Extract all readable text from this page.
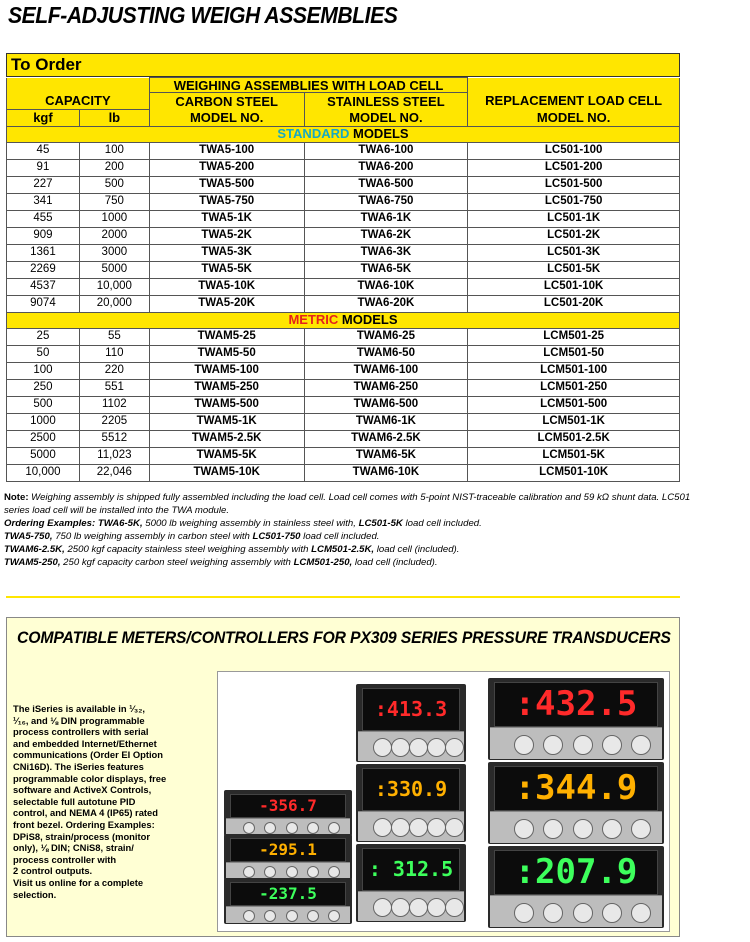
SELF-ADJUSTING WEIGH ASSEMBLIES
To Order
		WEIGHING ASSEMBLIES WITH LOAD CELL		
CAPACITY		CARBON STEEL	STAINLESS STEEL	REPLACEMENT LOAD CELL
kgf	lb	MODEL NO.	MODEL NO.	MODEL NO.
STANDARD MODELS				
45	100	TWA5-100	TWA6-100	LC501-100
91	200	TWA5-200	TWA6-200	LC501-200
227	500	TWA5-500	TWA6-500	LC501-500
341	750	TWA5-750	TWA6-750	LC501-750
455	1000	TWA5-1K	TWA6-1K	LC501-1K
909	2000	TWA5-2K	TWA6-2K	LC501-2K
1361	3000	TWA5-3K	TWA6-3K	LC501-3K
2269	5000	TWA5-5K	TWA6-5K	LC501-5K
4537	10,000	TWA5-10K	TWA6-10K	LC501-10K
9074	20,000	TWA5-20K	TWA6-20K	LC501-20K
METRIC MODELS				
25	55	TWAM5-25	TWAM6-25	LCM501-25
50	110	TWAM5-50	TWAM6-50	LCM501-50
100	220	TWAM5-100	TWAM6-100	LCM501-100
250	551	TWAM5-250	TWAM6-250	LCM501-250
500	1102	TWAM5-500	TWAM6-500	LCM501-500
1000	2205	TWAM5-1K	TWAM6-1K	LCM501-1K
2500	5512	TWAM5-2.5K	TWAM6-2.5K	LCM501-2.5K
5000	11,023	TWAM5-5K	TWAM6-5K	LCM501-5K
10,000	22,046	TWAM5-10K	TWAM6-10K	LCM501-10K
Note: Weighing assembly is shipped fully assembled including the load cell. Load cell comes with 5-point NIST-traceable calibration and 59 kΩ shunt data. LC501 series load cell will be installed into the TWA module.
Ordering Examples: TWA6-5K, 5000 lb weighing assembly in stainless steel with, LC501-5K load cell included.
TWA5-750, 750 lb weighing assembly in carbon steel with LC501-750 load cell included.
TWAM6-2.5K, 2500 kgf capacity stainless steel weighing assembly with LCM501-2.5K, load cell (included).
TWAM5-250, 250 kgf capacity carbon steel weighing assembly with LCM501-250, load cell (included).
COMPATIBLE METERS/CONTROLLERS FOR PX309 SERIES PRESSURE TRANSDUCERS
The iSeries is available in ¹⁄₃₂,
¹⁄₁₆, and ⅛ DIN programmable
process controllers with serial
and embedded Internet/Ethernet
communications (Order EI Option
CNi16D). The iSeries features
programmable color displays, free
software and ActiveX Controls,
selectable full autotune PID
control, and NEMA 4 (IP65) rated
front bezel. Ordering Examples:
DPiS8, strain/process (monitor
only), ⅛ DIN; CNiS8, strain/
process controller with
2 control outputs.
Visit us online for a complete
selection.
-356.7
-295.1
-237.5
:413.3
:330.9
: 312.5
:432.5
:344.9
:207.9
